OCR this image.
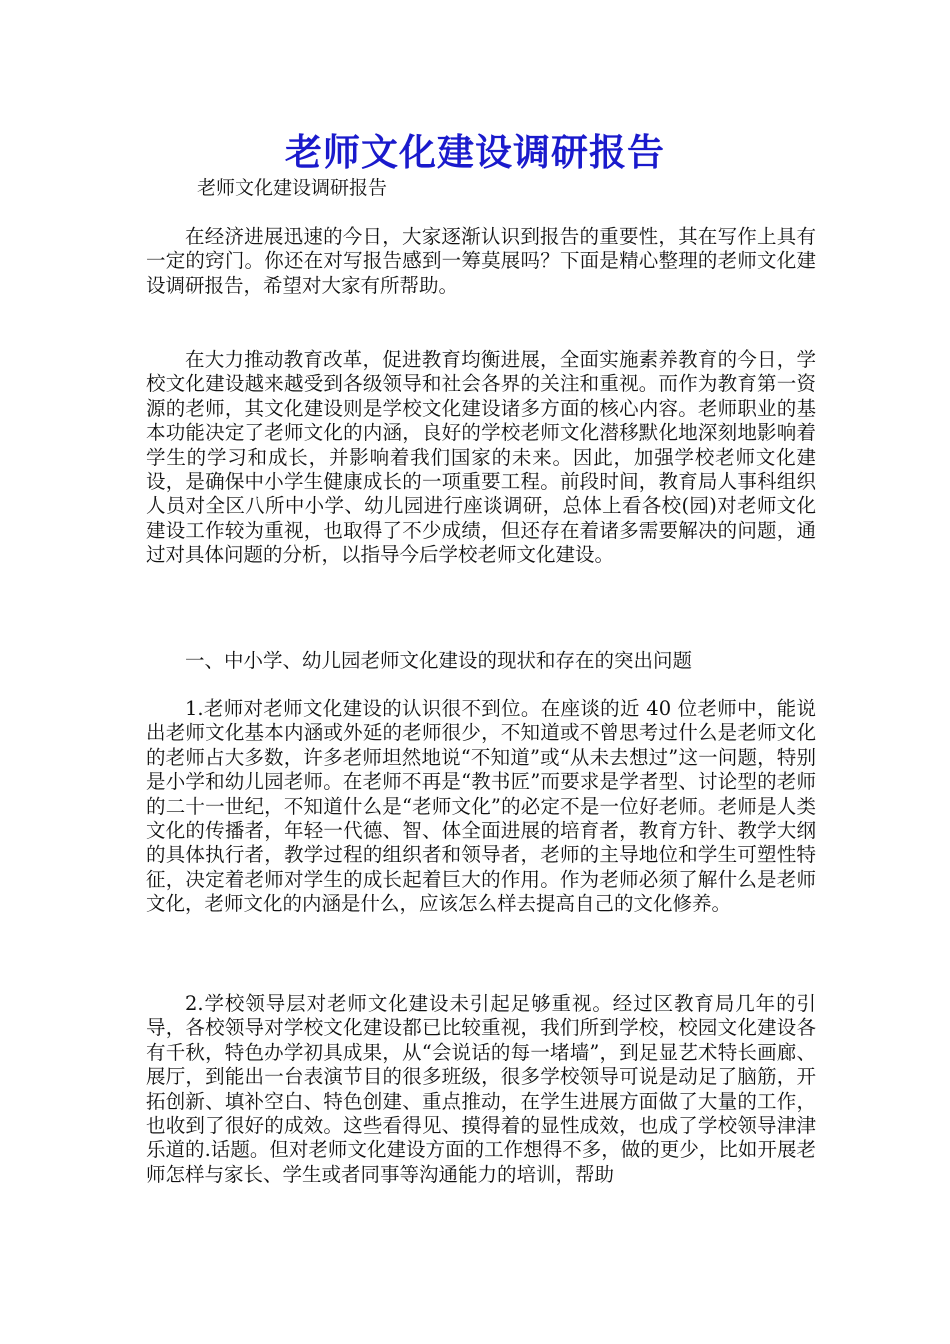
老师文化建设调研报告

老师文化建设调研报告

在经济进展迅速的今日，大家逐渐认识到报告的重要性，其在写作上具有一定的窍门。你还在对写报告感到一筹莫展吗？下面是精心整理的老师文化建设调研报告，希望对大家有所帮助。

在大力推动教育改革，促进教育均衡进展，全面实施素养教育的今日，学校文化建设越来越受到各级领导和社会各界的关注和重视。而作为教育第一资源的老师，其文化建设则是学校文化建设诸多方面的核心内容。老师职业的基本功能决定了老师文化的内涵，良好的学校老师文化潜移默化地深刻地影响着学生的学习和成长，并影响着我们国家的未来。因此，加强学校老师文化建设，是确保中小学生健康成长的一项重要工程。前段时间，教育局人事科组织人员对全区八所中小学、幼儿园进行座谈调研，总体上看各校(园)对老师文化建设工作较为重视，也取得了不少成绩，但还存在着诸多需要解决的问题，通过对具体问题的分析，以指导今后学校老师文化建设。

一、中小学、幼儿园老师文化建设的现状和存在的突出问题

1.老师对老师文化建设的认识很不到位。在座谈的近 40 位老师中，能说出老师文化基本内涵或外延的老师很少，不知道或不曾思考过什么是老师文化的老师占大多数，许多老师坦然地说“不知道”或“从未去想过”这一问题，特别是小学和幼儿园老师。在老师不再是“教书匠”而要求是学者型、讨论型的老师的二十一世纪，不知道什么是“老师文化”的必定不是一位好老师。老师是人类文化的传播者，年轻一代德、智、体全面进展的培育者，教育方针、教学大纲的具体执行者，教学过程的组织者和领导者，老师的主导地位和学生可塑性特征，决定着老师对学生的成长起着巨大的作用。作为老师必须了解什么是老师文化，老师文化的内涵是什么，应该怎么样去提高自己的文化修养。

2.学校领导层对老师文化建设未引起足够重视。经过区教育局几年的引导，各校领导对学校文化建设都已比较重视，我们所到学校，校园文化建设各有千秋，特色办学初具成果，从“会说话的每一堵墙”，到足显艺术特长画廊、展厅，到能出一台表演节目的很多班级，很多学校领导可说是动足了脑筋，开拓创新、填补空白、特色创建、重点推动，在学生进展方面做了大量的工作，也收到了很好的成效。这些看得见、摸得着的显性成效，也成了学校领导津津乐道的.话题。但对老师文化建设方面的工作想得不多，做的更少，比如开展老师怎样与家长、学生或者同事等沟通能力的培训，帮助
